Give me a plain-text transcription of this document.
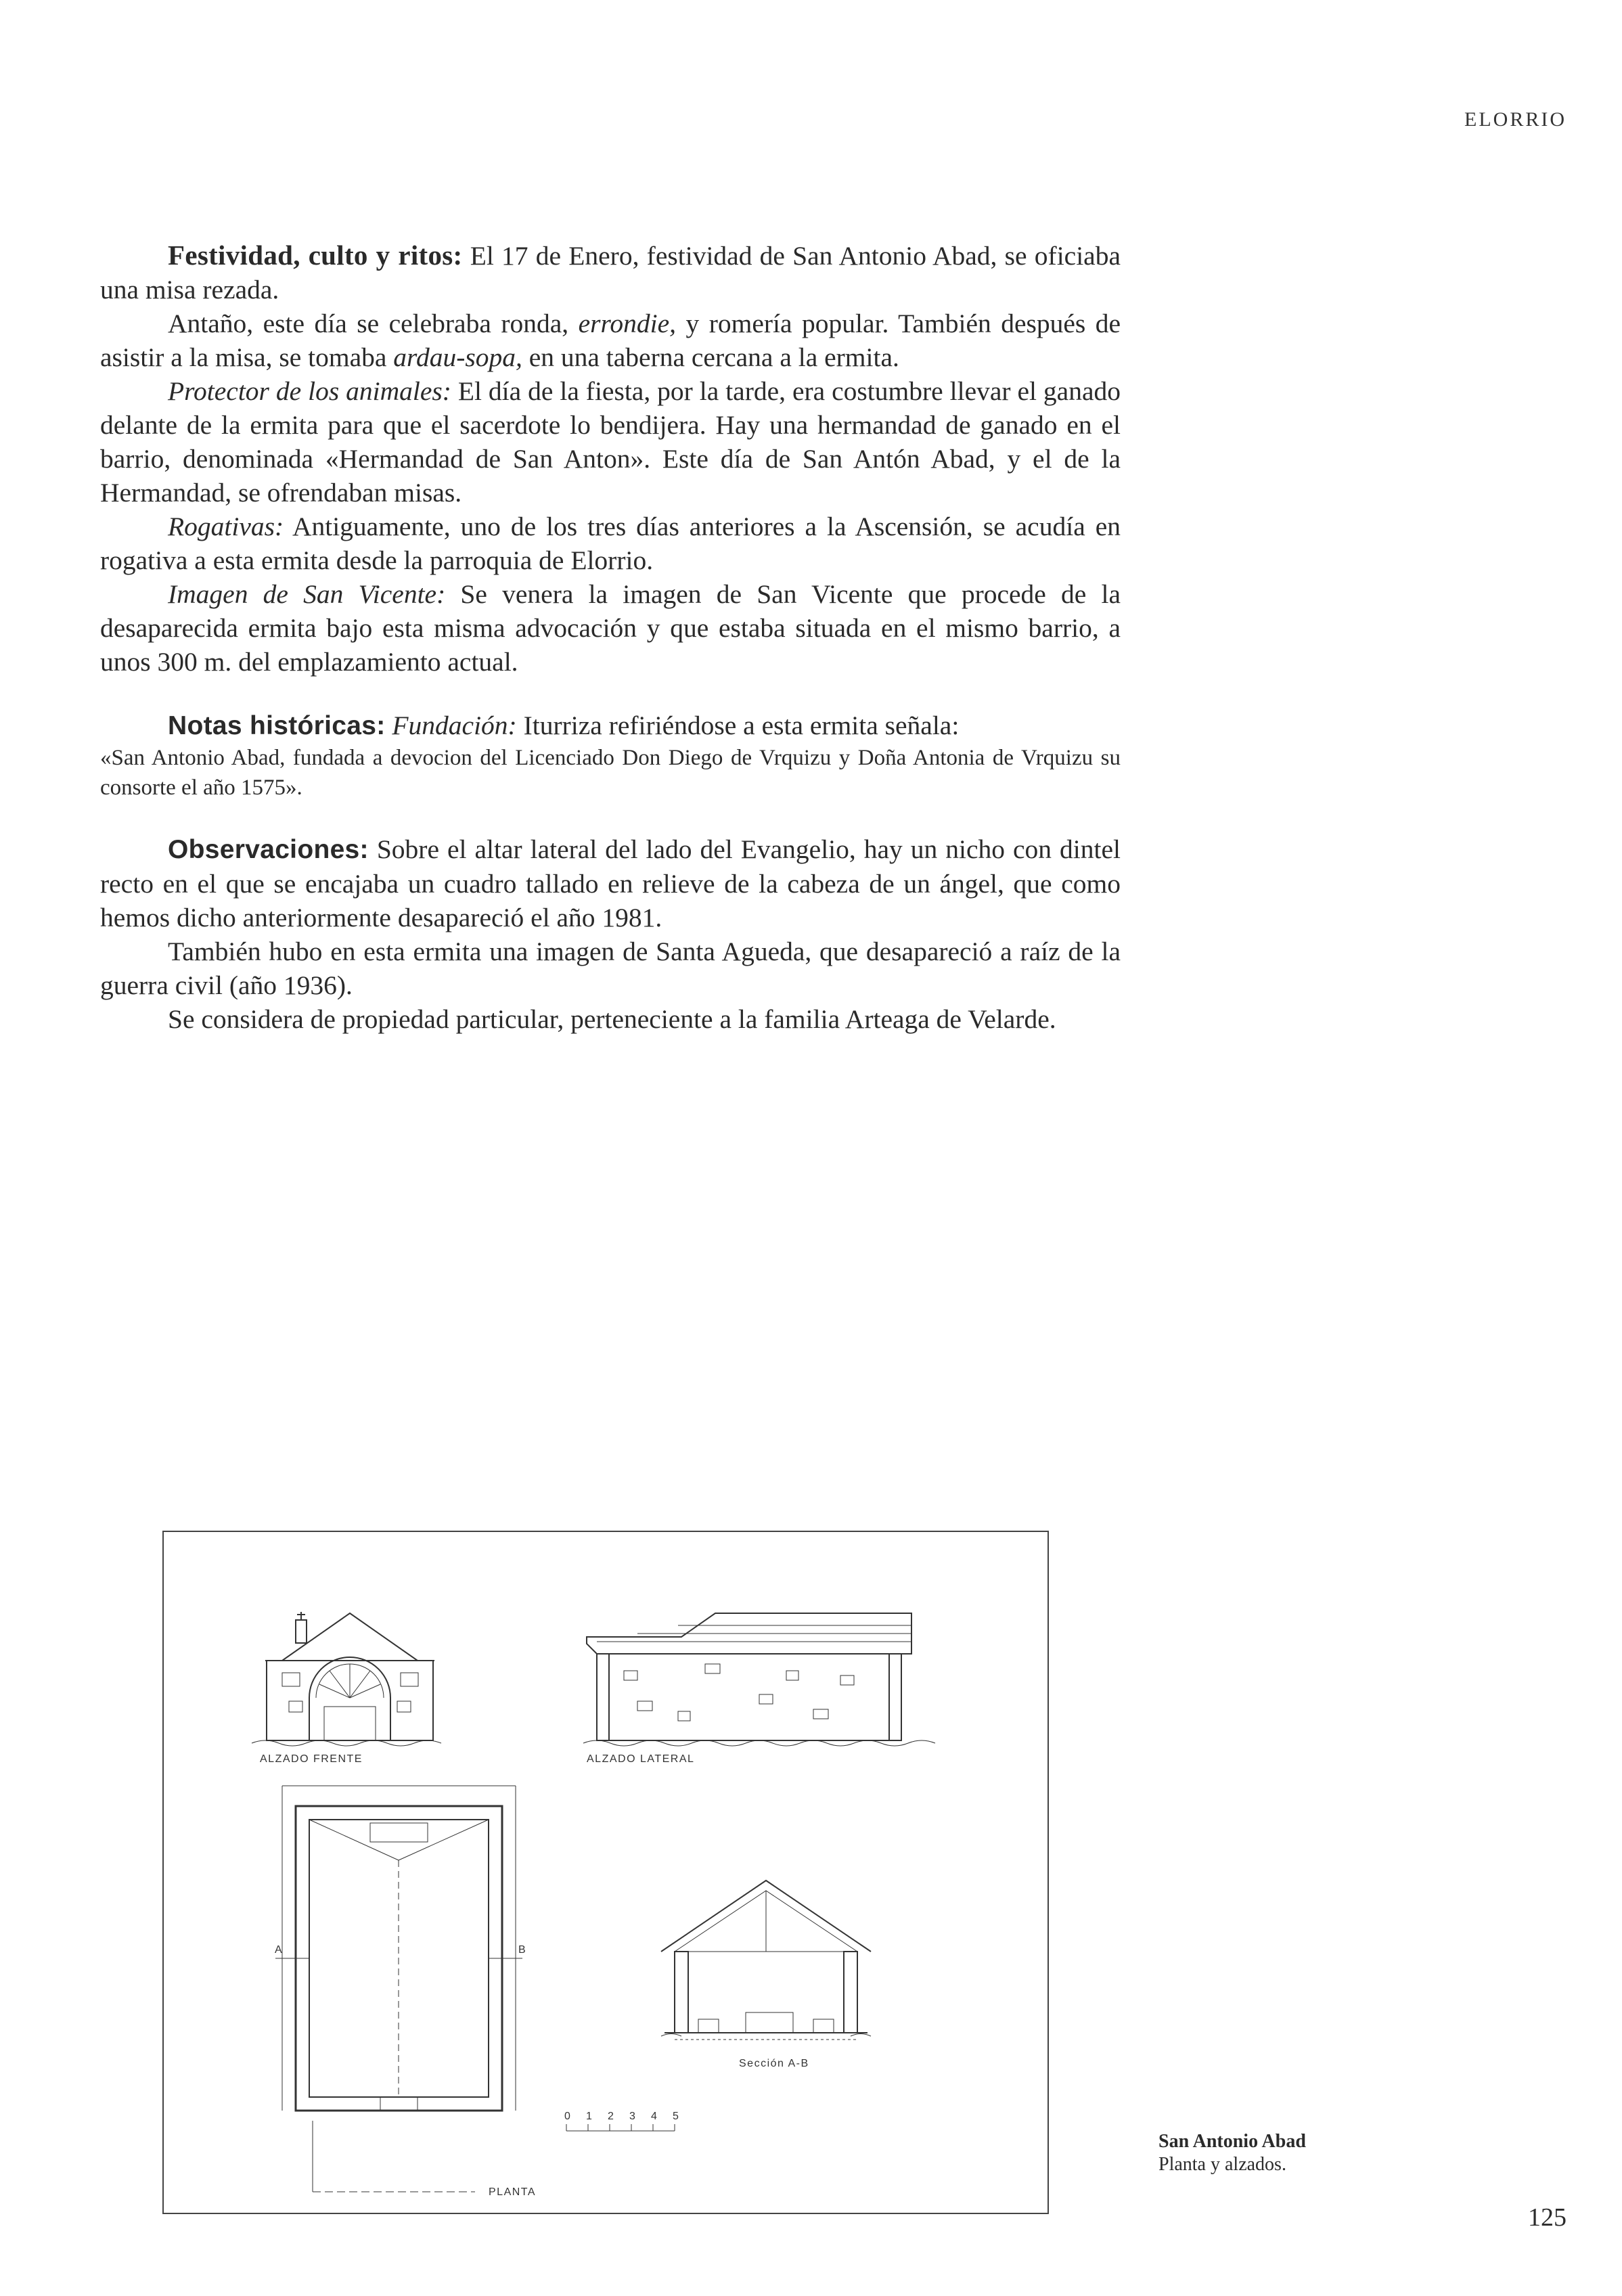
ELORRIO

Festividad, culto y ritos: El 17 de Enero, festividad de San Antonio Abad, se oficiaba una misa rezada.

Antaño, este día se celebraba ronda, errondie, y romería popular. También después de asistir a la misa, se tomaba ardau-sopa, en una taberna cercana a la ermita.

Protector de los animales: El día de la fiesta, por la tarde, era costumbre llevar el ganado delante de la ermita para que el sacerdote lo bendijera. Hay una hermandad de ganado en el barrio, denominada «Hermandad de San Anton». Este día de San Antón Abad, y el de la Hermandad, se ofrendaban misas.

Rogativas: Antiguamente, uno de los tres días anteriores a la Ascensión, se acudía en rogativa a esta ermita desde la parroquia de Elorrio.

Imagen de San Vicente: Se venera la imagen de San Vicente que procede de la desaparecida ermita bajo esta misma advocación y que estaba situada en el mismo barrio, a unos 300 m. del emplazamiento actual.

Notas históricas: Fundación: Iturriza refiriéndose a esta ermita señala:

«San Antonio Abad, fundada a devocion del Licenciado Don Diego de Vrquizu y Doña Antonia de Vrquizu su consorte el año 1575».

Observaciones: Sobre el altar lateral del lado del Evangelio, hay un nicho con dintel recto en el que se encajaba un cuadro tallado en relieve de la cabeza de un ángel, que como hemos dicho anteriormente desapareció el año 1981.

También hubo en esta ermita una imagen de Santa Agueda, que desapareció a raíz de la guerra civil (año 1936).

Se considera de propiedad particular, perteneciente a la familia Arteaga de Velarde.

ALZADO FRENTE	ALZADO LATERAL
A	B
PLANTA
Sección A-B
0 1 2 3 4 5
San Antonio Abad
Planta y alzados.
125
